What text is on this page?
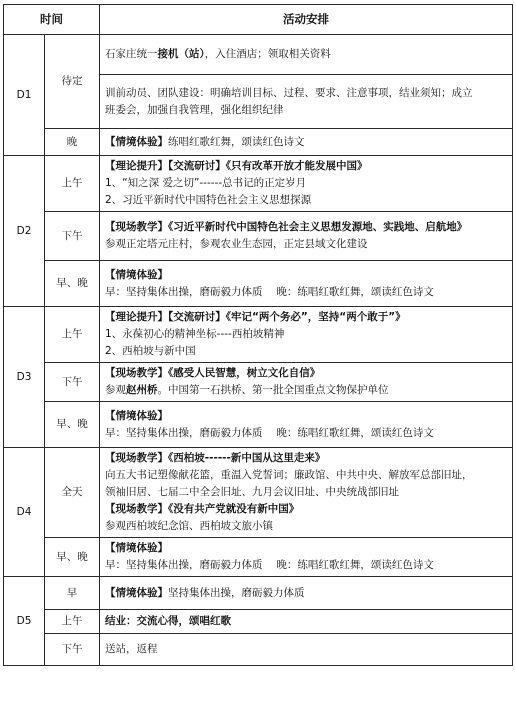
时间		活动安排
D1	待定	石家庄统一接机（站），入住酒店；领取相关资料

		训前动员、团队建设：明确培训目标、过程、要求、注意事项，结业须知；成立
班委会，加强自我管理，强化组织纪律

	晚	【情境体验】练唱红歌红舞，颂读红色诗文

D2	上午	【理论提升】【交流研讨】《只有改革开放才能发展中国》
1、“知之深 爱之切”------总书记的正定岁月
2、习近平新时代中国特色社会主义思想探源

	下午	【现场教学】《习近平新时代中国特色社会主义思想发源地、实践地、启航地》
参观正定塔元庄村，参观农业生态园，正定县域文化建设

	早、晚	【情境体验】
早：坚持集体出操，磨砺毅力体质　 晚：练唱红歌红舞，颂读红色诗文

D3	上午	【理论提升】【交流研讨】《牢记“两个务必”，坚持“两个敢于”》
1、永葆初心的精神坐标----西柏坡精神
2、西柏坡与新中国

	下午	【现场教学】《感受人民智慧，树立文化自信》
参观赵州桥。中国第一石拱桥、第一批全国重点文物保护单位

	早、晚	【情境体验】
早：坚持集体出操，磨砺毅力体质　 晚：练唱红歌红舞，颂读红色诗文

D4	全天	【现场教学】《西柏坡------新中国从这里走来》
向五大书记塑像献花篮，重温入党誓词；廉政馆、中共中央、解放军总部旧址，
领袖旧居、七届二中全会旧址、九月会议旧址、中央统战部旧址
【现场教学】《没有共产党就没有新中国》
参观西柏坡纪念馆、西柏坡文旅小镇

	早、晚	【情境体验】
早：坚持集体出操，磨砺毅力体质　 晚：练唱红歌红舞，颂读红色诗文

D5	早	【情境体验】坚持集体出操，磨砺毅力体质

	上午	结业：交流心得，颂唱红歌

	下午	送站，返程
